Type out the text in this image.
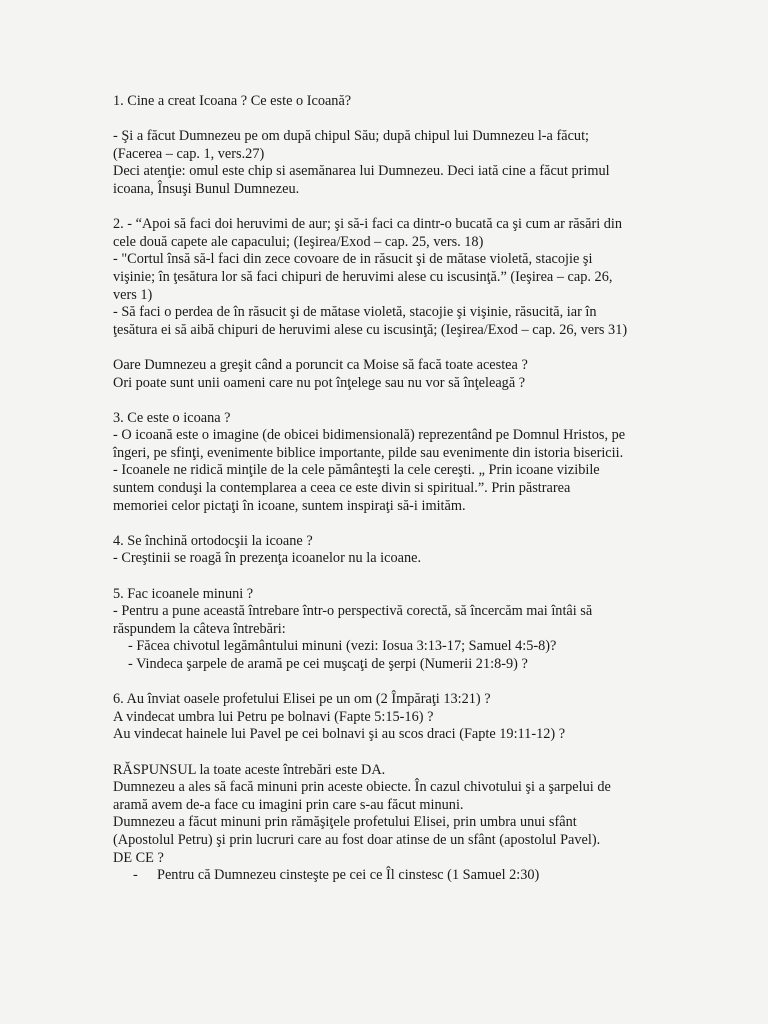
1. Cine a creat Icoana ? Ce este o Icoană?
- Şi a făcut Dumnezeu pe om după chipul Său; după chipul lui Dumnezeu l-a făcut;
(Facerea – cap. 1, vers.27)
Deci atenţie: omul este chip si asemănarea lui Dumnezeu. Deci iată cine a făcut primul
icoana, Însuşi Bunul Dumnezeu.
2. - “Apoi să faci doi heruvimi de aur; şi să-i faci ca dintr-o bucată ca şi cum ar răsări din
cele două capete ale capacului; (Ieşirea/Exod – cap. 25, vers. 18)
- "Cortul însă să-l faci din zece covoare de in răsucit şi de mătase violetă, stacojie şi
vişinie; în ţesătura lor să faci chipuri de heruvimi alese cu iscusinţă.” (Ieşirea – cap. 26,
vers 1)
- Să faci o perdea de în răsucit şi de mătase violetă, stacojie şi vişinie, răsucită, iar în
ţesătura ei să aibă chipuri de heruvimi alese cu iscusinţă; (Ieşirea/Exod – cap. 26, vers 31)
Oare Dumnezeu a greşit când a poruncit ca Moise să facă toate acestea ?
Ori poate sunt unii oameni care nu pot înţelege sau nu vor să înţeleagă ?
3. Ce este o icoana ?
- O icoană este o imagine (de obicei bidimensională) reprezentând pe Domnul Hristos, pe
îngeri, pe sfinţi, evenimente biblice importante, pilde sau evenimente din istoria bisericii.
- Icoanele ne ridică minţile de la cele pământeşti la cele cereşti. „ Prin icoane vizibile
suntem conduşi la contemplarea a ceea ce este divin si spiritual.”. Prin păstrarea
memoriei celor pictaţi în icoane, suntem inspiraţi să-i imităm.
4. Se închină ortodocşii la icoane ?
- Creştinii se roagă în prezenţa icoanelor nu la icoane.
5. Fac icoanele minuni ?
- Pentru a pune această întrebare într-o perspectivă corectă, să încercăm mai întâi să
răspundem la câteva întrebări:
- Făcea chivotul legământului minuni (vezi: Iosua 3:13-17; Samuel 4:5-8)?
- Vindeca şarpele de aramă pe cei muşcaţi de şerpi (Numerii 21:8-9) ?
6. Au înviat oasele profetului Elisei pe un om (2 Împăraţi 13:21) ?
A vindecat umbra lui Petru pe bolnavi (Fapte 5:15-16) ?
Au vindecat hainele lui Pavel pe cei bolnavi şi au scos draci (Fapte 19:11-12) ?
RĂSPUNSUL la toate aceste întrebări este DA.
Dumnezeu a ales să facă minuni prin aceste obiecte. În cazul chivotului şi a şarpelui de
aramă avem de-a face cu imagini prin care s-au făcut minuni.
Dumnezeu a făcut minuni prin rămăşiţele profetului Elisei, prin umbra unui sfânt
(Apostolul Petru) şi prin lucruri care au fost doar atinse de un sfânt (apostolul Pavel).
DE CE ?
- Pentru că Dumnezeu cinsteşte pe cei ce Îl cinstesc (1 Samuel 2:30)
